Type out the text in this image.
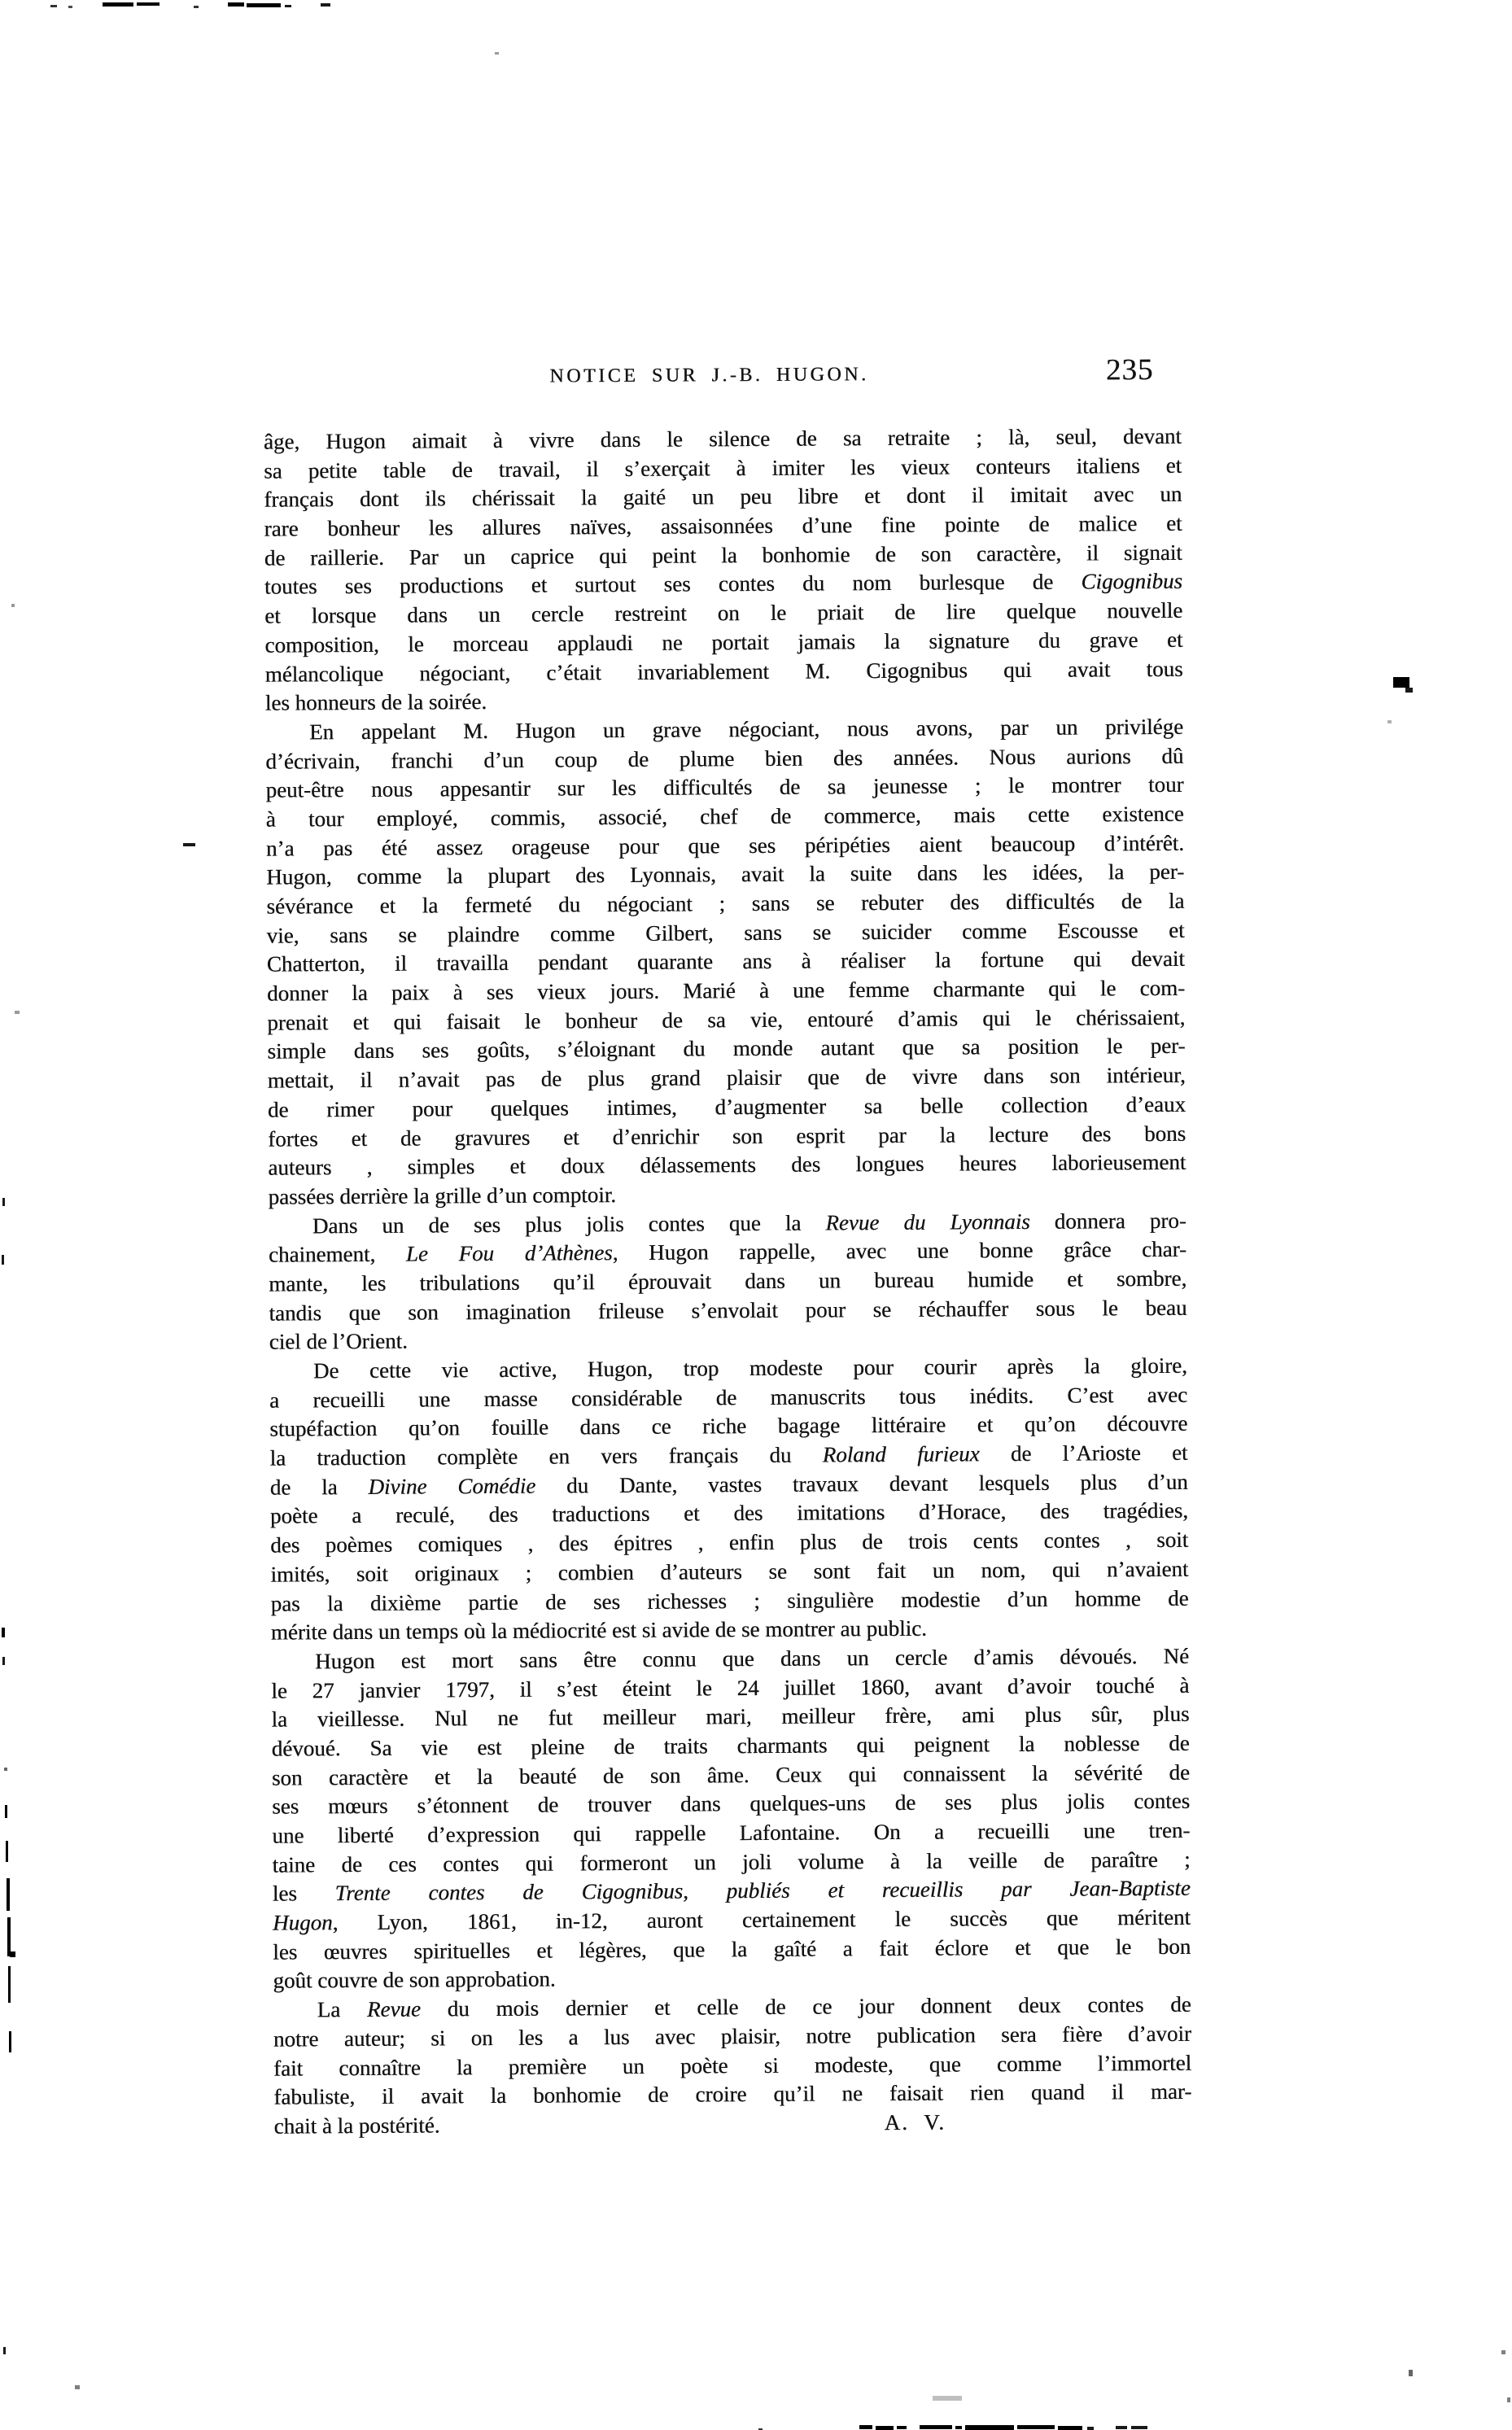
NOTICE SUR J.-B. HUGON.	235
âge, Hugon aimait à vivre dans le silence de sa retraite ; là, seul, devant
sa petite table de travail, il s’exerçait à imiter les vieux conteurs italiens et
français dont ils chérissait la gaité un peu libre et dont il imitait avec un
rare bonheur les allures naïves, assaisonnées d’une fine pointe de malice et
de raillerie. Par un caprice qui peint la bonhomie de son caractère, il signait
toutes ses productions et surtout ses contes du nom burlesque de Cigognibus
et lorsque dans un cercle restreint on le priait de lire quelque nouvelle
composition, le morceau applaudi ne portait jamais la signature du grave et
mélancolique négociant, c’était invariablement M. Cigognibus qui avait tous
les honneurs de la soirée.
En appelant M. Hugon un grave négociant, nous avons, par un privilége
d’écrivain, franchi d’un coup de plume bien des années. Nous aurions dû
peut-être nous appesantir sur les difficultés de sa jeunesse ; le montrer tour
à tour employé, commis, associé, chef de commerce, mais cette existence
n’a pas été assez orageuse pour que ses péripéties aient beaucoup d’intérêt.
Hugon, comme la plupart des Lyonnais, avait la suite dans les idées, la per-
sévérance et la fermeté du négociant ; sans se rebuter des difficultés de la
vie, sans se plaindre comme Gilbert, sans se suicider comme Escousse et
Chatterton, il travailla pendant quarante ans à réaliser la fortune qui devait
donner la paix à ses vieux jours. Marié à une femme charmante qui le com-
prenait et qui faisait le bonheur de sa vie, entouré d’amis qui le chérissaient,
simple dans ses goûts, s’éloignant du monde autant que sa position le per-
mettait, il n’avait pas de plus grand plaisir que de vivre dans son intérieur,
de rimer pour quelques intimes, d’augmenter sa belle collection d’eaux
fortes et de gravures et d’enrichir son esprit par la lecture des bons
auteurs , simples et doux délassements des longues heures laborieusement
passées derrière la grille d’un comptoir.
Dans un de ses plus jolis contes que la Revue du Lyonnais donnera pro-
chainement, Le Fou d’Athènes, Hugon rappelle, avec une bonne grâce char-
mante, les tribulations qu’il éprouvait dans un bureau humide et sombre,
tandis que son imagination frileuse s’envolait pour se réchauffer sous le beau
ciel de l’Orient.
De cette vie active, Hugon, trop modeste pour courir après la gloire,
a recueilli une masse considérable de manuscrits tous inédits. C’est avec
stupéfaction qu’on fouille dans ce riche bagage littéraire et qu’on découvre
la traduction complète en vers français du Roland furieux de l’Arioste et
de la Divine Comédie du Dante, vastes travaux devant lesquels plus d’un
poète a reculé, des traductions et des imitations d’Horace, des tragédies,
des poèmes comiques , des épitres , enfin plus de trois cents contes , soit
imités, soit originaux ; combien d’auteurs se sont fait un nom, qui n’avaient
pas la dixième partie de ses richesses ; singulière modestie d’un homme de
mérite dans un temps où la médiocrité est si avide de se montrer au public.
Hugon est mort sans être connu que dans un cercle d’amis dévoués. Né
le 27 janvier 1797, il s’est éteint le 24 juillet 1860, avant d’avoir touché à
la vieillesse. Nul ne fut meilleur mari, meilleur frère, ami plus sûr, plus
dévoué. Sa vie est pleine de traits charmants qui peignent la noblesse de
son caractère et la beauté de son âme. Ceux qui connaissent la sévérité de
ses mœurs s’étonnent de trouver dans quelques-uns de ses plus jolis contes
une liberté d’expression qui rappelle Lafontaine. On a recueilli une tren-
taine de ces contes qui formeront un joli volume à la veille de paraître ;
les Trente contes de Cigognibus, publiés et recueillis par Jean-Baptiste
Hugon, Lyon, 1861, in-12, auront certainement le succès que méritent
les œuvres spirituelles et légères, que la gaîté a fait éclore et que le bon
goût couvre de son approbation.
La Revue du mois dernier et celle de ce jour donnent deux contes de
notre auteur; si on les a lus avec plaisir, notre publication sera fière d’avoir
fait connaître la première un poète si modeste, que comme l’immortel
fabuliste, il avait la bonhomie de croire qu’il ne faisait rien quand il mar-
chait à la postérité.	A. V.
